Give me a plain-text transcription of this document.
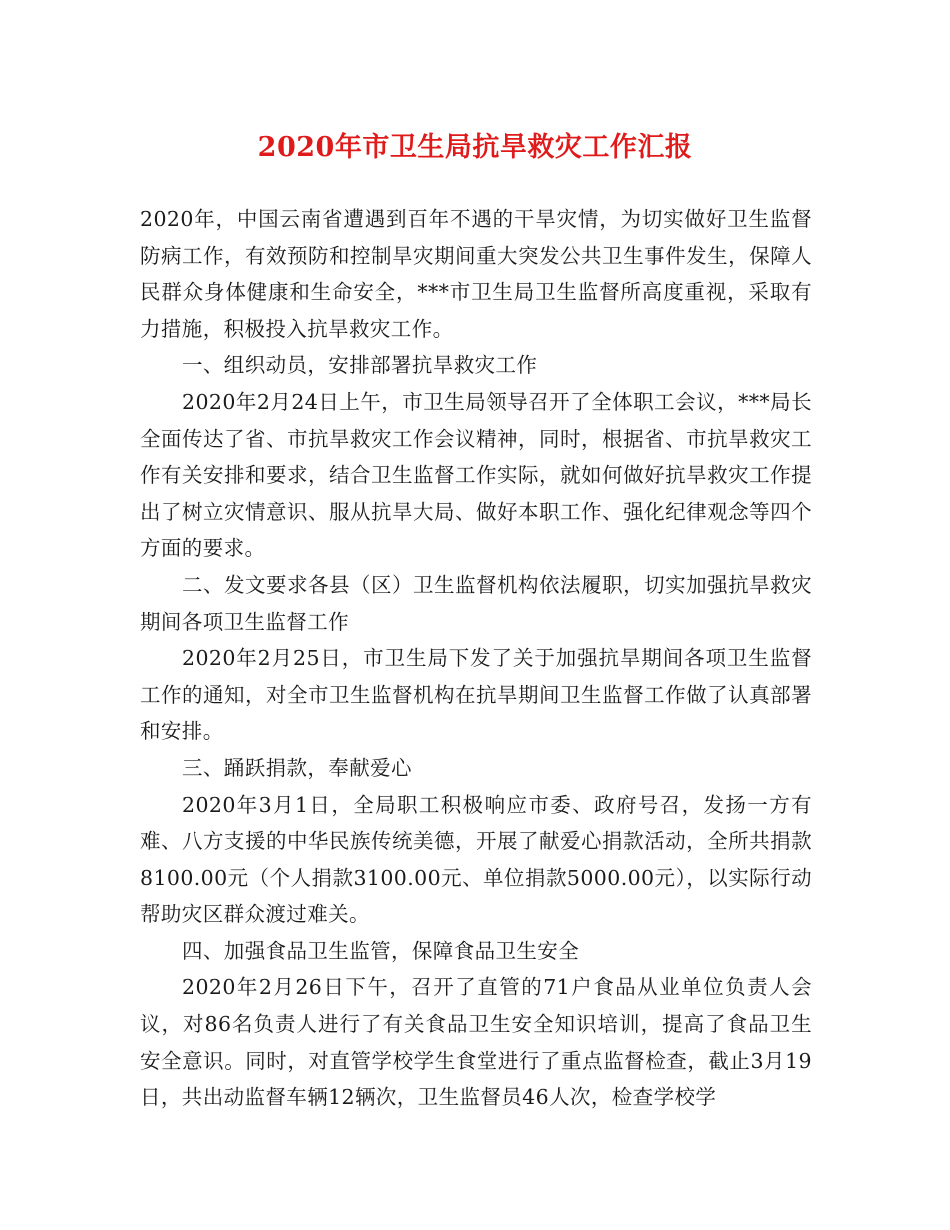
2020年市卫生局抗旱救灾工作汇报

2020年，中国云南省遭遇到百年不遇的干旱灾情，为切实做好卫生监督防病工作，有效预防和控制旱灾期间重大突发公共卫生事件发生，保障人民群众身体健康和生命安全，***市卫生局卫生监督所高度重视，采取有力措施，积极投入抗旱救灾工作。

一、组织动员，安排部署抗旱救灾工作

2020年2月24日上午，市卫生局领导召开了全体职工会议，***局长全面传达了省、市抗旱救灾工作会议精神，同时，根据省、市抗旱救灾工作有关安排和要求，结合卫生监督工作实际，就如何做好抗旱救灾工作提出了树立灾情意识、服从抗旱大局、做好本职工作、强化纪律观念等四个方面的要求。

二、发文要求各县（区）卫生监督机构依法履职，切实加强抗旱救灾期间各项卫生监督工作

2020年2月25日，市卫生局下发了关于加强抗旱期间各项卫生监督工作的通知，对全市卫生监督机构在抗旱期间卫生监督工作做了认真部署和安排。

三、踊跃捐款，奉献爱心

2020年3月1日，全局职工积极响应市委、政府号召，发扬一方有难、八方支援的中华民族传统美德，开展了献爱心捐款活动，全所共捐款8100.00元（个人捐款3100.00元、单位捐款5000.00元），以实际行动帮助灾区群众渡过难关。

四、加强食品卫生监管，保障食品卫生安全

2020年2月26日下午，召开了直管的71户食品从业单位负责人会议，对86名负责人进行了有关食品卫生安全知识培训，提高了食品卫生安全意识。同时，对直管学校学生食堂进行了重点监督检查，截止3月19日，共出动监督车辆12辆次，卫生监督员46人次，检查学校学
